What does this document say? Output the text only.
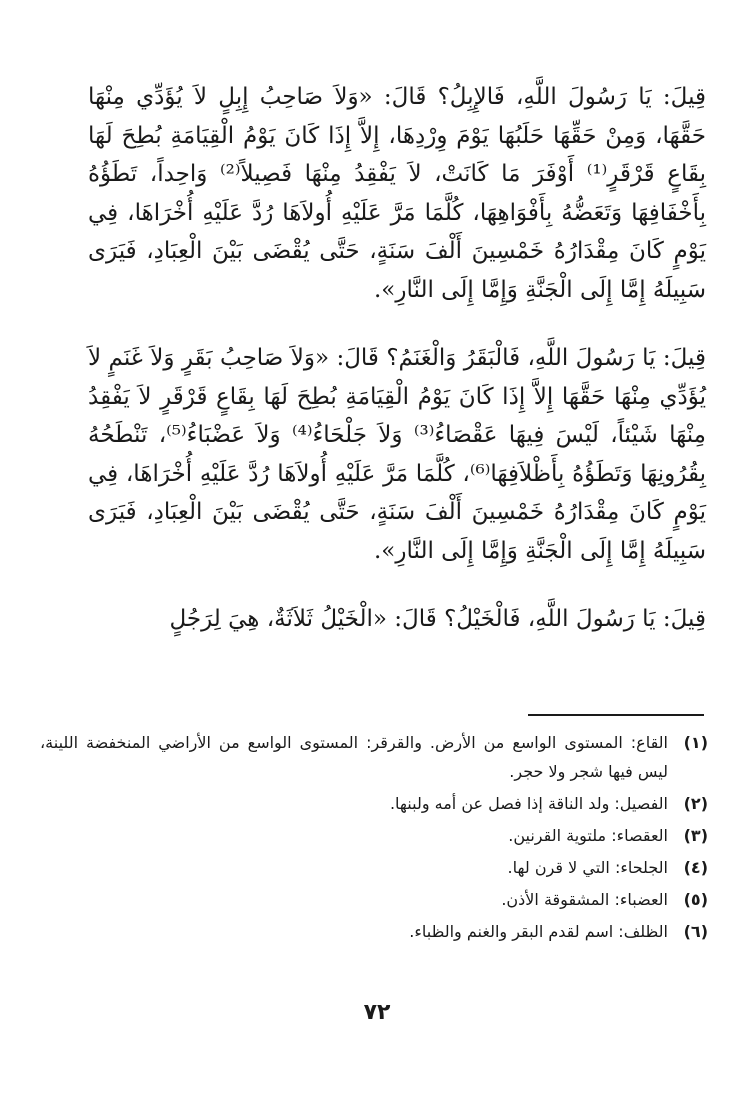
قِيلَ: يَا رَسُولَ اللَّهِ، فَالإِبِلُ؟ قَالَ: «وَلاَ صَاحِبُ إِبِلٍ لاَ يُؤَدِّي مِنْهَا حَقَّهَا، وَمِنْ حَقِّهَا حَلَبُهَا يَوْمَ وِرْدِهَا، إِلاَّ إِذَا كَانَ يَوْمُ الْقِيَامَةِ بُطِحَ لَهَا بِقَاعٍ قَرْقَرٍ⁽¹⁾ أَوْفَرَ مَا كَانَتْ، لاَ يَفْقِدُ مِنْهَا فَصِيلاً⁽²⁾ وَاحِداً، تَطَؤُهُ بِأَخْفَافِهَا وَتَعَضُّهُ بِأَفْوَاهِهَا، كُلَّمَا مَرَّ عَلَيْهِ أُولاَهَا رُدَّ عَلَيْهِ أُخْرَاهَا، فِي يَوْمٍ كَانَ مِقْدَارُهُ خَمْسِينَ أَلْفَ سَنَةٍ، حَتَّى يُقْضَى بَيْنَ الْعِبَادِ، فَيَرَى سَبِيلَهُ إِمَّا إِلَى الْجَنَّةِ وَإِمَّا إِلَى النَّارِ».

قِيلَ: يَا رَسُولَ اللَّهِ، فَالْبَقَرُ وَالْغَنَمُ؟ قَالَ: «وَلاَ صَاحِبُ بَقَرٍ وَلاَ غَنَمٍ لاَ يُؤَدِّي مِنْهَا حَقَّهَا إِلاَّ إِذَا كَانَ يَوْمُ الْقِيَامَةِ بُطِحَ لَهَا بِقَاعٍ قَرْقَرٍ لاَ يَفْقِدُ مِنْهَا شَيْئاً، لَيْسَ فِيهَا عَقْصَاءُ⁽³⁾ وَلاَ جَلْحَاءُ⁽⁴⁾ وَلاَ عَضْبَاءُ⁽⁵⁾، تَنْطَحُهُ بِقُرُونِهَا وَتَطَؤُهُ بِأَظْلاَفِهَا⁽⁶⁾، كُلَّمَا مَرَّ عَلَيْهِ أُولاَهَا رُدَّ عَلَيْهِ أُخْرَاهَا، فِي يَوْمٍ كَانَ مِقْدَارُهُ خَمْسِينَ أَلْفَ سَنَةٍ، حَتَّى يُقْضَى بَيْنَ الْعِبَادِ، فَيَرَى سَبِيلَهُ إِمَّا إِلَى الْجَنَّةِ وَإِمَّا إِلَى النَّارِ».

قِيلَ: يَا رَسُولَ اللَّهِ، فَالْخَيْلُ؟ قَالَ: «الْخَيْلُ ثَلاَثَةٌ، هِيَ لِرَجُلٍ

(١)
القاع: المستوى الواسع من الأرض. والقرقر: المستوى الواسع من الأراضي المنخفضة اللينة، ليس فيها شجر ولا حجر.
(٢)
الفصيل: ولد الناقة إذا فصل عن أمه ولبنها.
(٣)
العقصاء: ملتوية القرنين.
(٤)
الجلحاء: التي لا قرن لها.
(٥)
العضباء: المشقوقة الأذن.
(٦)
الظلف: اسم لقدم البقر والغنم والظباء.
٧٢
